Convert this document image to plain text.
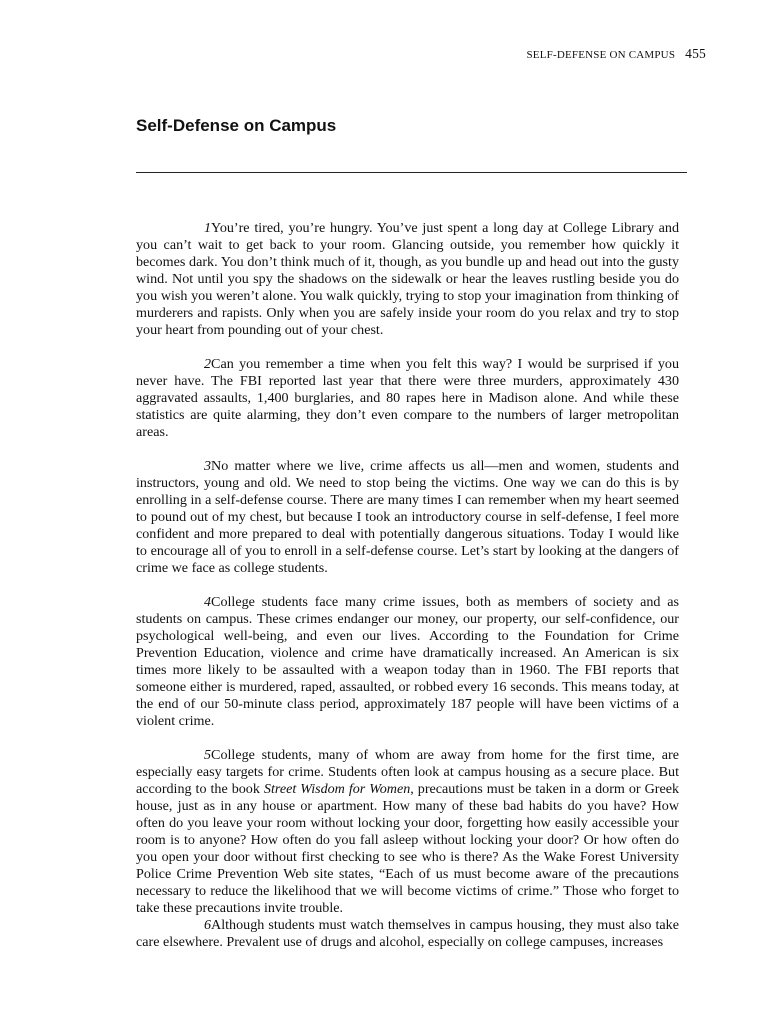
SELF-DEFENSE ON CAMPUS 455
Self-Defense on Campus

1You’re tired, you’re hungry. You’ve just spent a long day at College Library and you can’t wait to get back to your room. Glancing outside, you remember how quickly it becomes dark. You don’t think much of it, though, as you bundle up and head out into the gusty wind. Not until you spy the shadows on the sidewalk or hear the leaves rustling beside you do you wish you weren’t alone. You walk quickly, trying to stop your imagination from thinking of murderers and rapists. Only when you are safely inside your room do you relax and try to stop your heart from pounding out of your chest.

2Can you remember a time when you felt this way? I would be surprised if you never have. The FBI reported last year that there were three murders, approximately 430 aggravated assaults, 1,400 burglaries, and 80 rapes here in Madison alone. And while these statistics are quite alarming, they don’t even compare to the numbers of larger metropolitan areas.

3No matter where we live, crime affects us all—men and women, students and instructors, young and old. We need to stop being the victims. One way we can do this is by enrolling in a self-defense course. There are many times I can remember when my heart seemed to pound out of my chest, but because I took an introductory course in self-defense, I feel more confident and more prepared to deal with potentially dangerous situations. Today I would like to encourage all of you to enroll in a self-defense course. Let’s start by looking at the dangers of crime we face as college students.

4College students face many crime issues, both as members of society and as students on campus. These crimes endanger our money, our property, our self-confidence, our psychological well-being, and even our lives. According to the Foundation for Crime Prevention Education, violence and crime have dramatically increased. An American is six times more likely to be assaulted with a weapon today than in 1960. The FBI reports that someone either is murdered, raped, assaulted, or robbed every 16 seconds. This means today, at the end of our 50-minute class period, approximately 187 people will have been victims of a violent crime.

5College students, many of whom are away from home for the first time, are especially easy targets for crime. Students often look at campus housing as a secure place. But according to the book Street Wisdom for Women, precautions must be taken in a dorm or Greek house, just as in any house or apartment. How many of these bad habits do you have? How often do you leave your room without locking your door, forgetting how easily accessible your room is to anyone? How often do you fall asleep without locking your door? Or how often do you open your door without first checking to see who is there? As the Wake Forest University Police Crime Prevention Web site states, “Each of us must become aware of the precautions necessary to reduce the likelihood that we will become victims of crime.” Those who forget to take these precautions invite trouble.

6Although students must watch themselves in campus housing, they must also take care elsewhere. Prevalent use of drugs and alcohol, especially on college campuses, increases
